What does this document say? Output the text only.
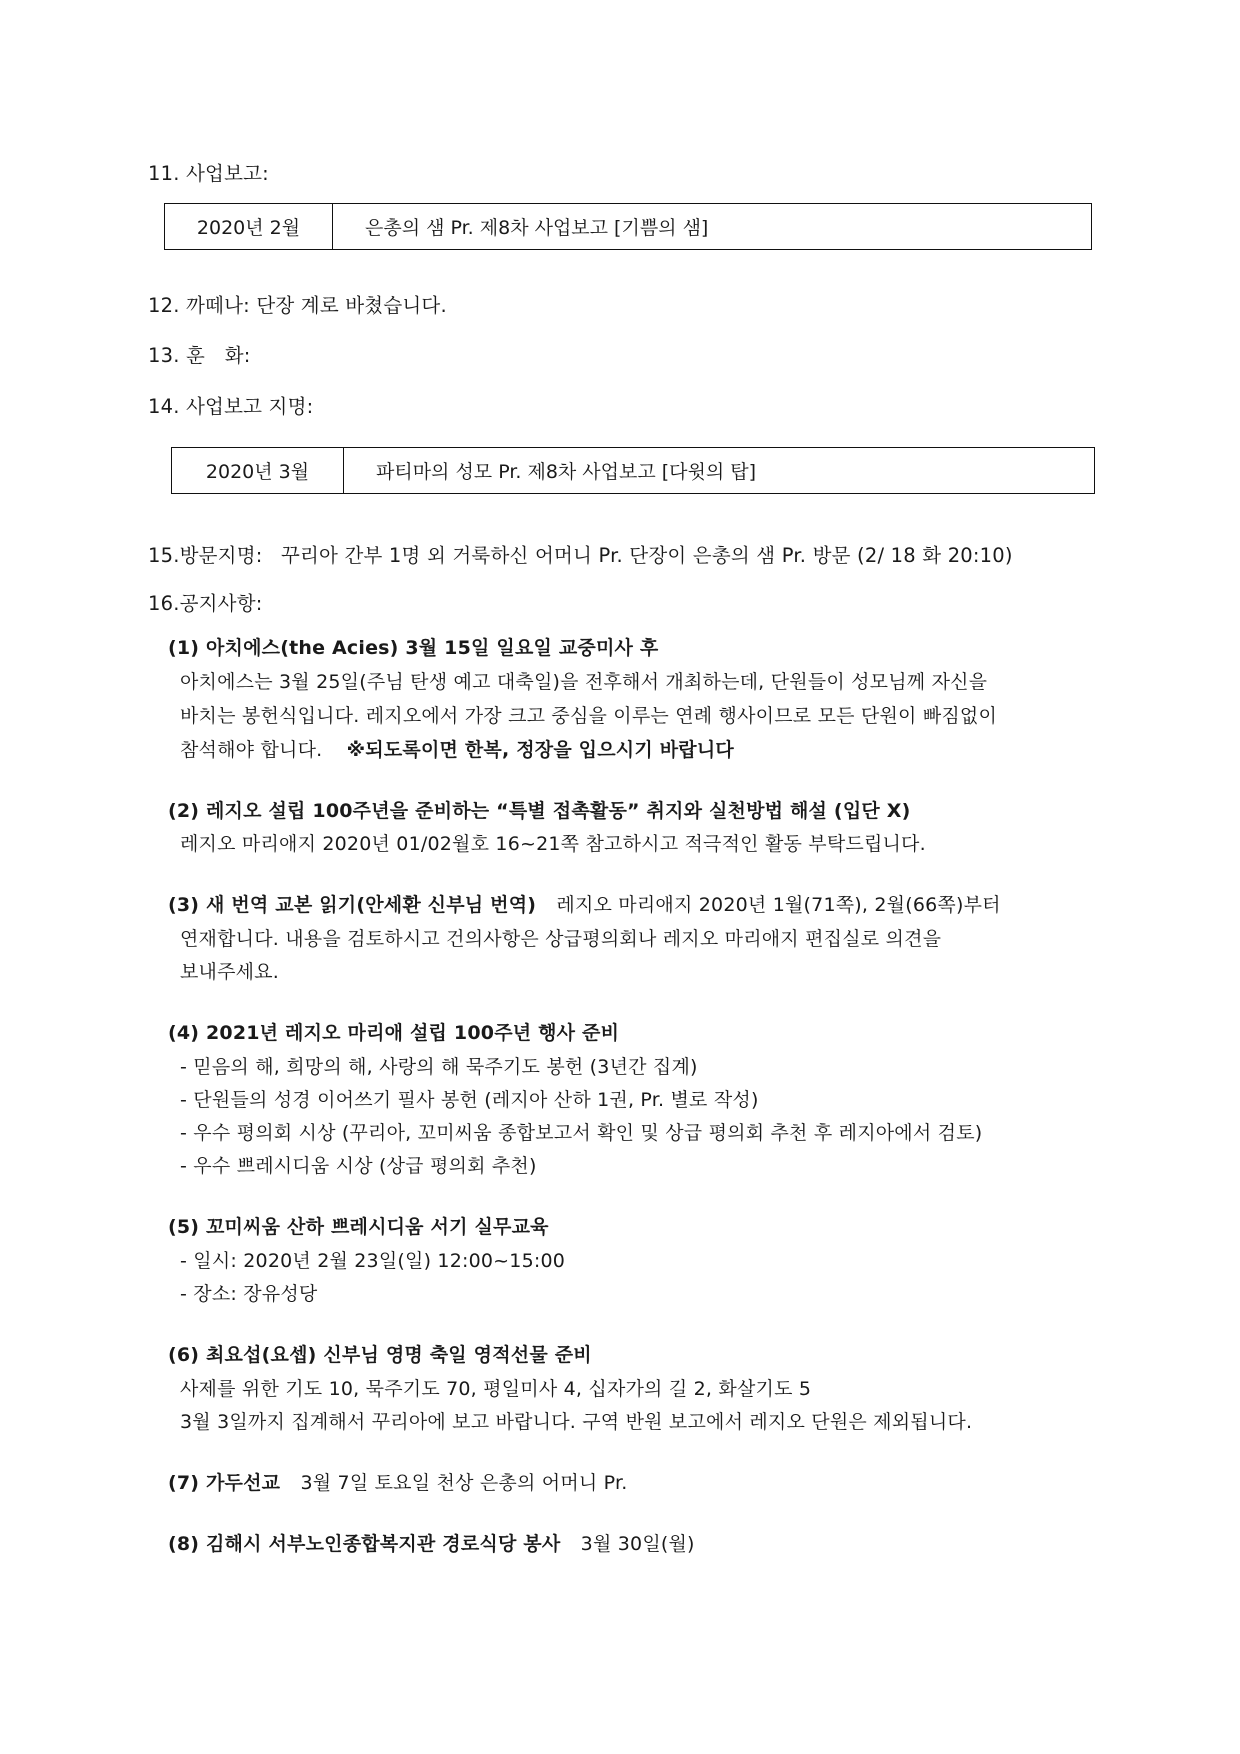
11. 사업보고:
2020년 2월	은총의 샘 Pr. 제8차 사업보고 [기쁨의 샘]
12. 까떼나: 단장 계로 바쳤습니다.
13. 훈　화:
14. 사업보고 지명:
2020년 3월	파티마의 성모 Pr. 제8차 사업보고 [다윗의 탑]
15.방문지명: 꾸리아 간부 1명 외 거룩하신 어머니 Pr. 단장이 은총의 샘 Pr. 방문 (2/ 18 화 20:10)
16.공지사항:
(1) 아치에스(the Acies) 3월 15일 일요일 교중미사 후
아치에스는 3월 25일(주님 탄생 예고 대축일)을 전후해서 개최하는데, 단원들이 성모님께 자신을
바치는 봉헌식입니다. 레지오에서 가장 크고 중심을 이루는 연례 행사이므로 모든 단원이 빠짐없이
참석해야 합니다. ※되도록이면 한복, 정장을 입으시기 바랍니다
(2) 레지오 설립 100주년을 준비하는 “특별 접촉활동” 취지와 실천방법 해설 (입단 X)
레지오 마리애지 2020년 01/02월호 16~21쪽 참고하시고 적극적인 활동 부탁드립니다.
(3) 새 번역 교본 읽기(안세환 신부님 번역) 레지오 마리애지 2020년 1월(71쪽), 2월(66쪽)부터
연재합니다. 내용을 검토하시고 건의사항은 상급평의회나 레지오 마리애지 편집실로 의견을
보내주세요.
(4) 2021년 레지오 마리애 설립 100주년 행사 준비
- 믿음의 해, 희망의 해, 사랑의 해 묵주기도 봉헌 (3년간 집계)
- 단원들의 성경 이어쓰기 필사 봉헌 (레지아 산하 1권, Pr. 별로 작성)
- 우수 평의회 시상 (꾸리아, 꼬미씨움 종합보고서 확인 및 상급 평의회 추천 후 레지아에서 검토)
- 우수 쁘레시디움 시상 (상급 평의회 추천)
(5) 꼬미씨움 산하 쁘레시디움 서기 실무교육
- 일시: 2020년 2월 23일(일) 12:00~15:00
- 장소: 장유성당
(6) 최요섭(요셉) 신부님 영명 축일 영적선물 준비
사제를 위한 기도 10, 묵주기도 70, 평일미사 4, 십자가의 길 2, 화살기도 5
3월 3일까지 집계해서 꾸리아에 보고 바랍니다. 구역 반원 보고에서 레지오 단원은 제외됩니다.
(7) 가두선교 3월 7일 토요일 천상 은총의 어머니 Pr.
(8) 김해시 서부노인종합복지관 경로식당 봉사 3월 30일(월)
